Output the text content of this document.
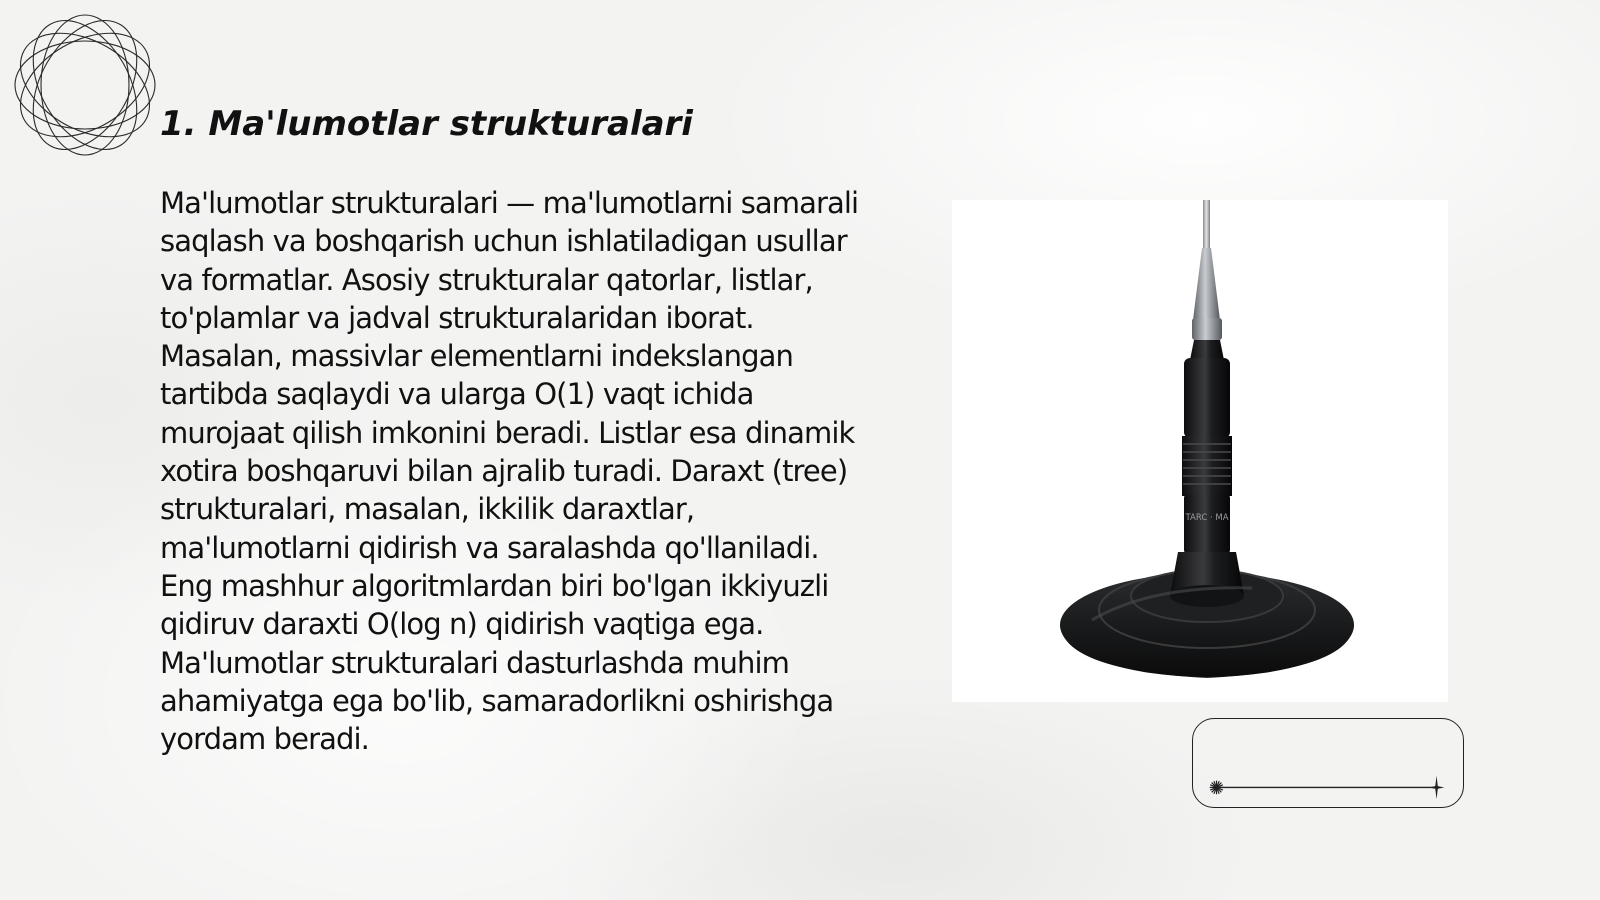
1. Ma'lumotlar strukturalari

Ma'lumotlar strukturalari — ma'lumotlarni samarali saqlash va boshqarish uchun ishlatiladigan usullar va formatlar. Asosiy strukturalar qatorlar, listlar, to'plamlar va jadval strukturalaridan iborat. Masalan, massivlar elementlarni indekslangan tartibda saqlaydi va ularga O(1) vaqt ichida murojaat qilish imkonini beradi. Listlar esa dinamik xotira boshqaruvi bilan ajralib turadi. Daraxt (tree) strukturalari, masalan, ikkilik daraxtlar, ma'lumotlarni qidirish va saralashda qo'llaniladi. Eng mashhur algoritmlardan biri bo'lgan ikkiyuzli qidiruv daraxti O(log n) qidirish vaqtiga ega. Ma'lumotlar strukturalari dasturlashda muhim ahamiyatga ega bo'lib, samaradorlikni oshirishga yordam beradi.

TARC · MA
